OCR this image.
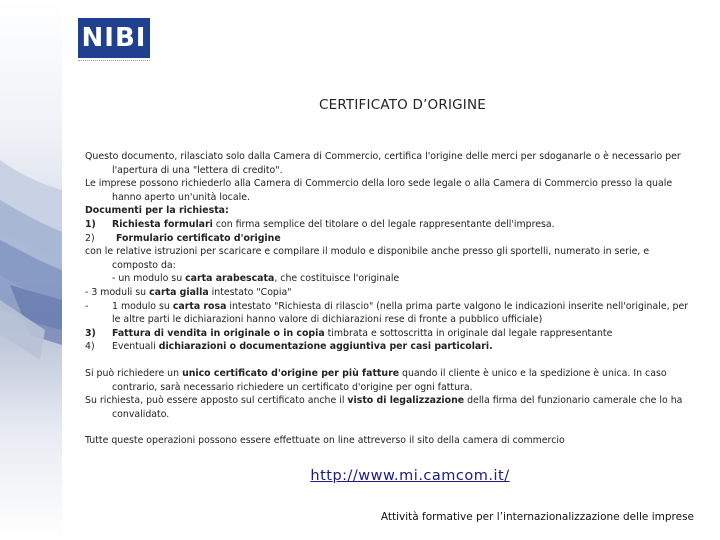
NIBI
CERTIFICATO D’ORIGINE

Questo documento, rilasciato solo dalla Camera di Commercio, certifica l'origine delle merci per sdoganarle o è necessario per l'apertura di una "lettera di credito".

Le imprese possono richiederlo alla Camera di Commercio della loro sede legale o alla Camera di Commercio presso la quale hanno aperto un'unità locale.

Documenti per la richiesta:

1)	Richiesta formulari con firma semplice del titolare o del legale rappresentante dell'impresa.
2)	Formulario certificato d'origine

con le relative istruzioni per scaricare e compilare il modulo e disponibile anche presso gli sportelli, numerato in serie, e composto da:

- un modulo su carta arabescata, che costituisce l'originale

- 3 moduli su carta gialla intestato "Copia"

-	1 modulo su carta rosa intestato "Richiesta di rilascio" (nella prima parte valgono le indicazioni inserite nell'originale, per le altre parti le dichiarazioni hanno valore di dichiarazioni rese di fronte a pubblico ufficiale)
3)	Fattura di vendita in originale o in copia timbrata e sottoscritta in originale dal legale rappresentante
4)	Eventuali dichiarazioni o documentazione aggiuntiva per casi particolari.

Si può richiedere un unico certificato d'origine per più fatture quando il cliente è unico e la spedizione è unica. In caso contrario, sarà necessario richiedere un certificato d'origine per ogni fattura.

Su richiesta, può essere apposto sul certificato anche il visto di legalizzazione della firma del funzionario camerale che lo ha convalidato.

Tutte queste operazioni possono essere effettuate on line attreverso il sito della camera di commercio

http://www.mi.camcom.it/
Attività formative per l’internazionalizzazione delle imprese
